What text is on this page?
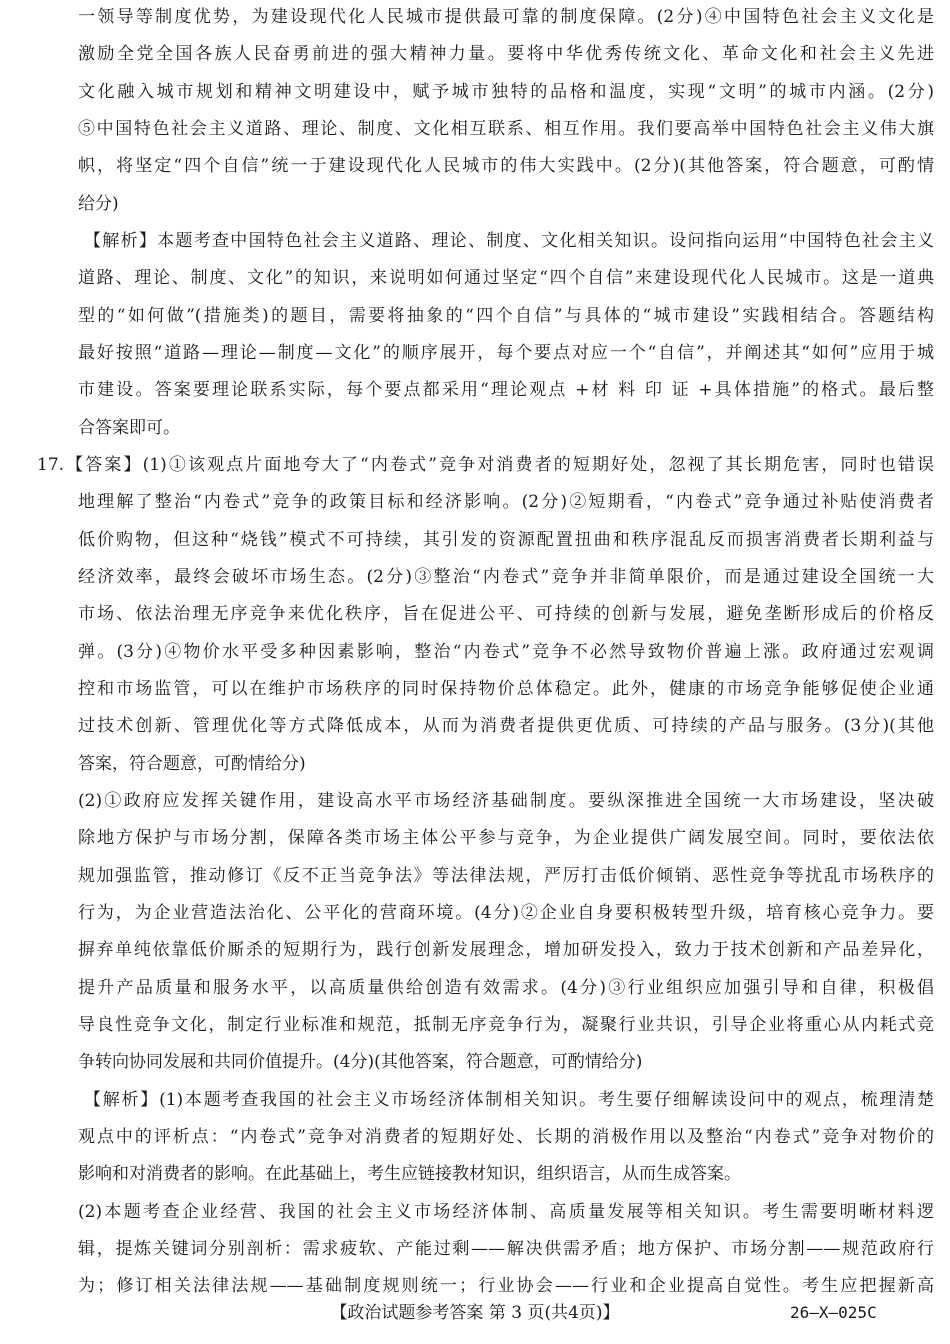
一领导等制度优势，为建设现代化人民城市提供最可靠的制度保障。(2分)④中国特色社会主义文化是
激励全党全国各族人民奋勇前进的强大精神力量。要将中华优秀传统文化、革命文化和社会主义先进
文化融入城市规划和精神文明建设中，赋予城市独特的品格和温度，实现“文明”的城市内涵。(2分)
⑤中国特色社会主义道路、理论、制度、文化相互联系、相互作用。我们要高举中国特色社会主义伟大旗
帜，将坚定“四个自信”统一于建设现代化人民城市的伟大实践中。(2分)(其他答案，符合题意，可酌情
给分)
【解析】本题考查中国特色社会主义道路、理论、制度、文化相关知识。设问指向运用“中国特色社会主义
道路、理论、制度、文化”的知识，来说明如何通过坚定“四个自信”来建设现代化人民城市。这是一道典
型的“如何做”(措施类)的题目，需要将抽象的“四个自信”与具体的“城市建设”实践相结合。答题结构
最好按照“道路—理论—制度—文化”的顺序展开，每个要点对应一个“自信”，并阐述其“如何”应用于城
市建设。答案要理论联系实际，每个要点都采用“理论观点 +材 料 印 证 +具体措施”的格式。最后整
合答案即可。
17.【答案】(1)①该观点片面地夸大了“内卷式”竞争对消费者的短期好处，忽视了其长期危害，同时也错误
地理解了整治“内卷式”竞争的政策目标和经济影响。(2分)②短期看，“内卷式”竞争通过补贴使消费者
低价购物，但这种“烧钱”模式不可持续，其引发的资源配置扭曲和秩序混乱反而损害消费者长期利益与
经济效率，最终会破坏市场生态。(2分)③整治“内卷式”竞争并非简单限价，而是通过建设全国统一大
市场、依法治理无序竞争来优化秩序，旨在促进公平、可持续的创新与发展，避免垄断形成后的价格反
弹。(3分)④物价水平受多种因素影响，整治“内卷式”竞争不必然导致物价普遍上涨。政府通过宏观调
控和市场监管，可以在维护市场秩序的同时保持物价总体稳定。此外，健康的市场竞争能够促使企业通
过技术创新、管理优化等方式降低成本，从而为消费者提供更优质、可持续的产品与服务。(3分)(其他
答案，符合题意，可酌情给分)
(2)①政府应发挥关键作用，建设高水平市场经济基础制度。要纵深推进全国统一大市场建设，坚决破
除地方保护与市场分割，保障各类市场主体公平参与竞争，为企业提供广阔发展空间。同时，要依法依
规加强监管，推动修订《反不正当竞争法》等法律法规，严厉打击低价倾销、恶性竞争等扰乱市场秩序的
行为，为企业营造法治化、公平化的营商环境。(4分)②企业自身要积极转型升级，培育核心竞争力。要
摒弃单纯依靠低价厮杀的短期行为，践行创新发展理念，增加研发投入，致力于技术创新和产品差异化，
提升产品质量和服务水平，以高质量供给创造有效需求。(4分)③行业组织应加强引导和自律，积极倡
导良性竞争文化，制定行业标准和规范，抵制无序竞争行为，凝聚行业共识，引导企业将重心从内耗式竞
争转向协同发展和共同价值提升。(4分)(其他答案，符合题意，可酌情给分)
【解析】(1)本题考查我国的社会主义市场经济体制相关知识。考生要仔细解读设问中的观点，梳理清楚
观点中的评析点：“内卷式”竞争对消费者的短期好处、长期的消极作用以及整治“内卷式”竞争对物价的
影响和对消费者的影响。在此基础上，考生应链接教材知识，组织语言，从而生成答案。
(2)本题考查企业经营、我国的社会主义市场经济体制、高质量发展等相关知识。考生需要明晰材料逻
辑，提炼关键词分别剖析：需求疲软、产能过剩——解决供需矛盾；地方保护、市场分割——规范政府行
为；修订相关法律法规——基础制度规则统一；行业协会——行业和企业提高自觉性。考生应把握新高
【政治试题参考答案 第 3 页(共4页)】	26—X—025C
